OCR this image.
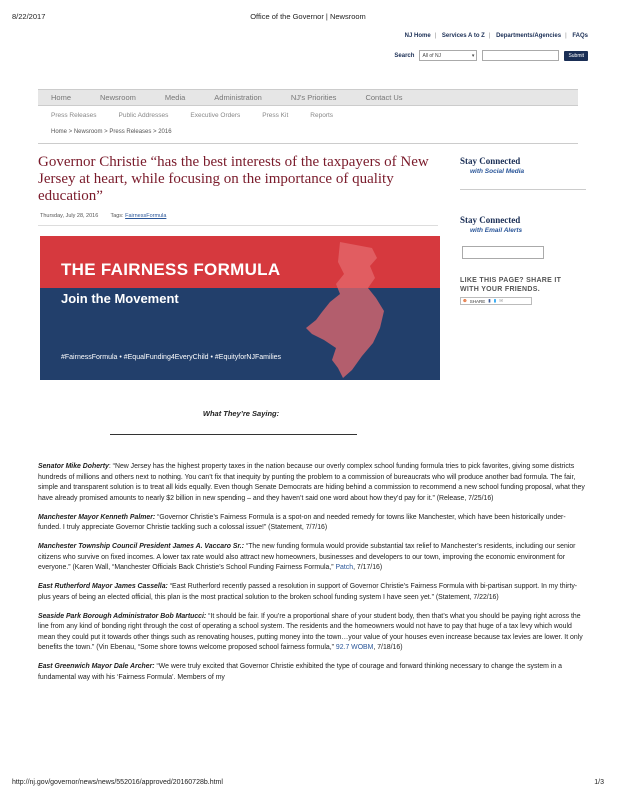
8/22/2017	Office of the Governor | Newsroom
NJ Home | Services A to Z | Departments/Agencies | FAQs
Search All of NJ	▾	Submit
Home	Newsroom	Media	Administration	NJ's Priorities	Contact Us
Press Releases	Public Addresses	Executive Orders	Press Kit	Reports
Home > Newsroom > Press Releases > 2016
Governor Christie “has the best interests of the taxpayers of New Jersey at heart, while focusing on the importance of quality education”
Thursday, July 28, 2016 Tags: FairnessFormula
Stay Connected
with Social Media
Stay Connected
with Email Alerts
LIKE THIS PAGE? SHARE IT WITH YOUR FRIENDS.
⊕ SHARE ▮ ▮ ✉
THE FAIRNESS FORMULA
Join the Movement
#FairnessFormula • #EqualFunding4EveryChild • #EquityforNJFamilies
What They’re Saying:

Senator Mike Doherty: “New Jersey has the highest property taxes in the nation because our overly complex school funding formula tries to pick favorites, giving some districts hundreds of millions and others next to nothing. You can’t fix that inequity by punting the problem to a commission of bureaucrats who will produce another bad formula. The fair, simple and transparent solution is to treat all kids equally. Even though Senate Democrats are hiding behind a commission to recommend a new school funding proposal, what they have already promised amounts to nearly $2 billion in new spending – and they haven’t said one word about how they’d pay for it.” (Release, 7/25/16)

Manchester Mayor Kenneth Palmer: “Governor Christie’s Fairness Formula is a spot-on and needed remedy for towns like Manchester, which have been historically under-funded. I truly appreciate Governor Christie tackling such a colossal issue!” (Statement, 7/7/16)

Manchester Township Council President James A. Vaccaro Sr.: “The new funding formula would provide substantial tax relief to Manchester’s residents, including our senior citizens who survive on fixed incomes. A lower tax rate would also attract new homeowners, businesses and developers to our town, improving the economic environment for everyone.” (Karen Wall, “Manchester Officials Back Christie’s School Funding Fairness Formula,” Patch, 7/17/16)

East Rutherford Mayor James Cassella: “East Rutherford recently passed a resolution in support of Governor Christie’s Fairness Formula with bi-partisan support. In my thirty-plus years of being an elected official, this plan is the most practical solution to the broken school funding system I have seen yet.” (Statement, 7/22/16)

Seaside Park Borough Administrator Bob Martucci: “It should be fair. If you’re a proportional share of your student body, then that’s what you should be paying right across the line from any kind of bonding right through the cost of operating a school system. The residents and the homeowners would not have to pay that huge of a tax levy which would mean they could put it towards other things such as renovating houses, putting money into the town…your value of your houses even increase because tax levies are lower. It only benefits the town.” (Vin Ebenau, “Some shore towns welcome proposed school fairness formula,” 92.7 WOBM, 7/18/16)

East Greenwich Mayor Dale Archer: “We were truly excited that Governor Christie exhibited the type of courage and forward thinking necessary to change the system in a fundamental way with his ‘Fairness Formula’. Members of my

http://nj.gov/governor/news/news/552016/approved/20160728b.html	1/3
